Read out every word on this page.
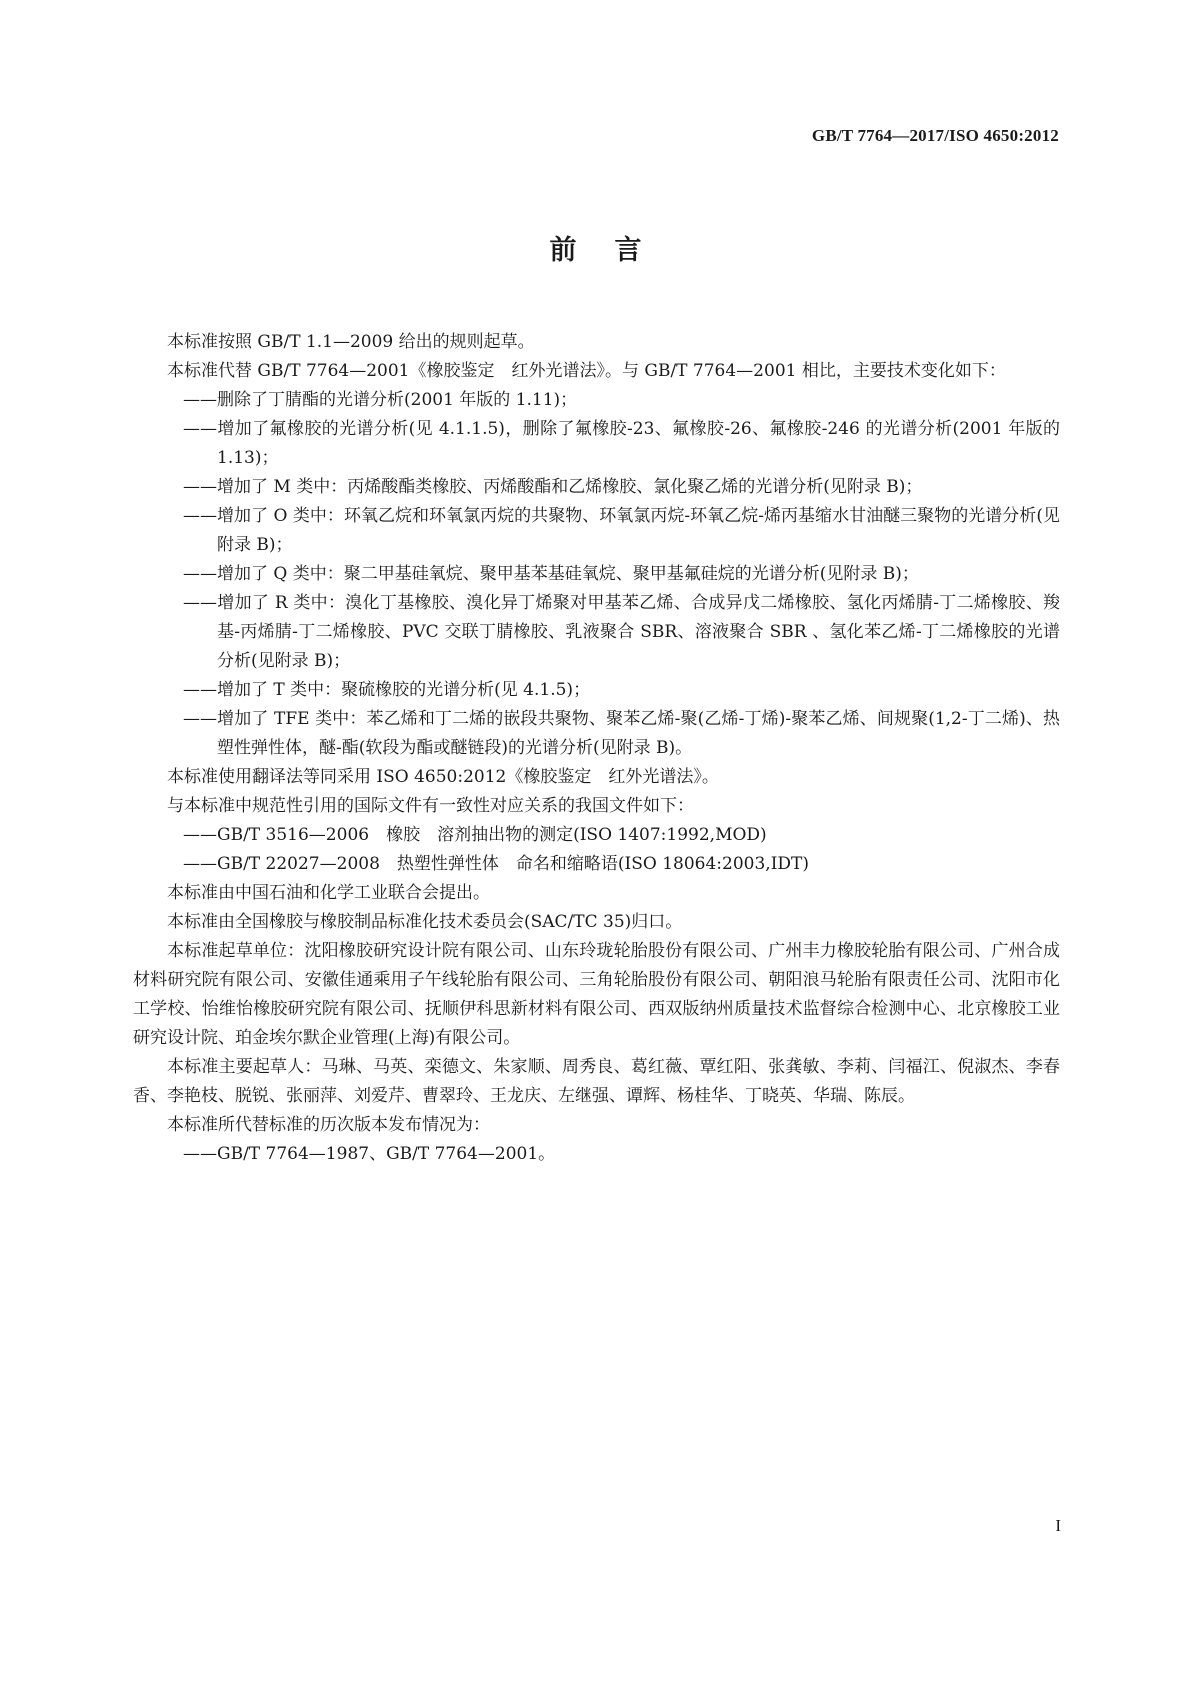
GB/T 7764—2017/ISO 4650:2012
前言

本标准按照 GB/T 1.1—2009 给出的规则起草。

本标准代替 GB/T 7764—2001《橡胶鉴定　红外光谱法》。与 GB/T 7764—2001 相比，主要技术变化如下：

——删除了丁腈酯的光谱分析(2001 年版的 1.11)；

——增加了氟橡胶的光谱分析(见 4.1.1.5)，删除了氟橡胶-23、氟橡胶-26、氟橡胶-246 的光谱分析(2001 年版的 1.13)；

——增加了 M 类中：丙烯酸酯类橡胶、丙烯酸酯和乙烯橡胶、氯化聚乙烯的光谱分析(见附录 B)；

——增加了 O 类中：环氧乙烷和环氧氯丙烷的共聚物、环氧氯丙烷-环氧乙烷-烯丙基缩水甘油醚三聚物的光谱分析(见附录 B)；

——增加了 Q 类中：聚二甲基硅氧烷、聚甲基苯基硅氧烷、聚甲基氟硅烷的光谱分析(见附录 B)；

——增加了 R 类中：溴化丁基橡胶、溴化异丁烯聚对甲基苯乙烯、合成异戊二烯橡胶、氢化丙烯腈-丁二烯橡胶、羧基-丙烯腈-丁二烯橡胶、PVC 交联丁腈橡胶、乳液聚合 SBR、溶液聚合 SBR 、氢化苯乙烯-丁二烯橡胶的光谱分析(见附录 B)；

——增加了 T 类中：聚硫橡胶的光谱分析(见 4.1.5)；

——增加了 TFE 类中：苯乙烯和丁二烯的嵌段共聚物、聚苯乙烯-聚(乙烯-丁烯)-聚苯乙烯、间规聚(1,2-丁二烯)、热塑性弹性体，醚-酯(软段为酯或醚链段)的光谱分析(见附录 B)。

本标准使用翻译法等同采用 ISO 4650:2012《橡胶鉴定　红外光谱法》。

与本标准中规范性引用的国际文件有一致性对应关系的我国文件如下：

——GB/T 3516—2006　橡胶　溶剂抽出物的测定(ISO 1407:1992,MOD)

——GB/T 22027—2008　热塑性弹性体　命名和缩略语(ISO 18064:2003,IDT)

本标准由中国石油和化学工业联合会提出。

本标准由全国橡胶与橡胶制品标准化技术委员会(SAC/TC 35)归口。

本标准起草单位：沈阳橡胶研究设计院有限公司、山东玲珑轮胎股份有限公司、广州丰力橡胶轮胎有限公司、广州合成材料研究院有限公司、安徽佳通乘用子午线轮胎有限公司、三角轮胎股份有限公司、朝阳浪马轮胎有限责任公司、沈阳市化工学校、怡维怡橡胶研究院有限公司、抚顺伊科思新材料有限公司、西双版纳州质量技术监督综合检测中心、北京橡胶工业研究设计院、珀金埃尔默企业管理(上海)有限公司。

本标准主要起草人：马琳、马英、栾德文、朱家顺、周秀良、葛红薇、覃红阳、张龚敏、李莉、闫福江、倪淑杰、李春香、李艳枝、脱锐、张丽萍、刘爱芹、曹翠玲、王龙庆、左继强、谭辉、杨桂华、丁晓英、华瑞、陈辰。

本标准所代替标准的历次版本发布情况为：

——GB/T 7764—1987、GB/T 7764—2001。

I
